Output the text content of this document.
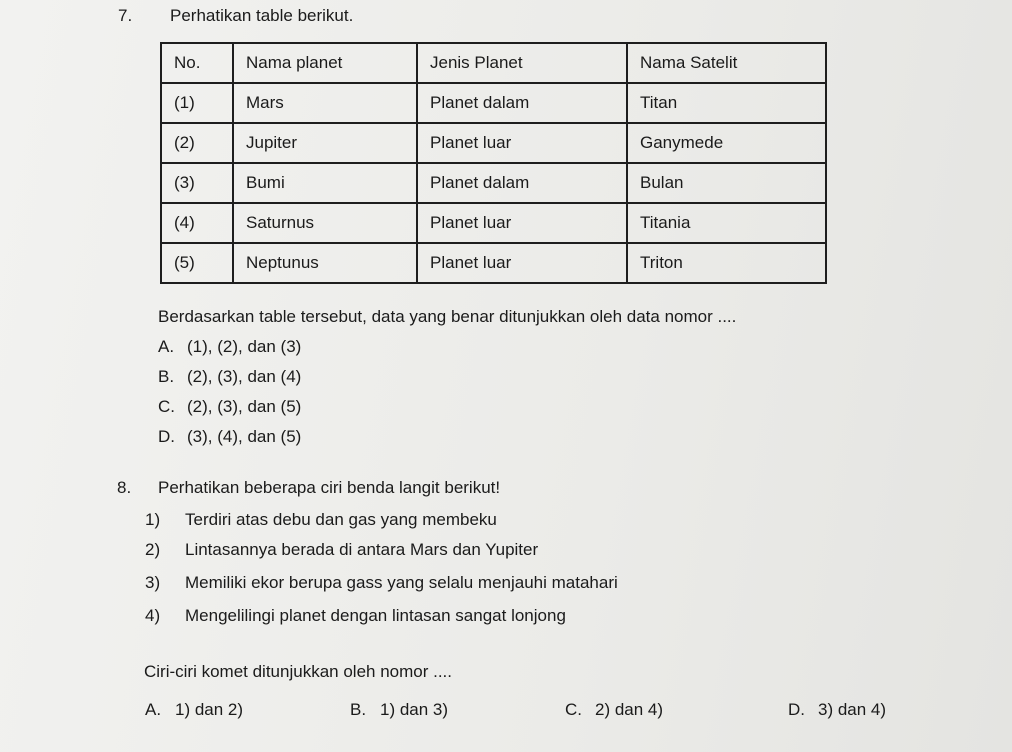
7. Perhatikan table berikut.
No.	Nama planet	Jenis Planet	Nama Satelit
(1)	Mars	Planet dalam	Titan
(2)	Jupiter	Planet luar	Ganymede
(3)	Bumi	Planet dalam	Bulan
(4)	Saturnus	Planet luar	Titania
(5)	Neptunus	Planet luar	Triton
Berdasarkan table tersebut, data yang benar ditunjukkan oleh data nomor ....
A. (1), (2), dan (3)
B. (2), (3), dan (4)
C. (2), (3), dan (5)
D. (3), (4), dan (5)
8. Perhatikan beberapa ciri benda langit berikut!
1) Terdiri atas debu dan gas yang membeku
2) Lintasannya berada di antara Mars dan Yupiter
3) Memiliki ekor berupa gass yang selalu menjauhi matahari
4) Mengelilingi planet dengan lintasan sangat lonjong
Ciri-ciri komet ditunjukkan oleh nomor ....
A. 1) dan 2)	B. 1) dan 3)	C. 2) dan 4)	D. 3) dan 4)
